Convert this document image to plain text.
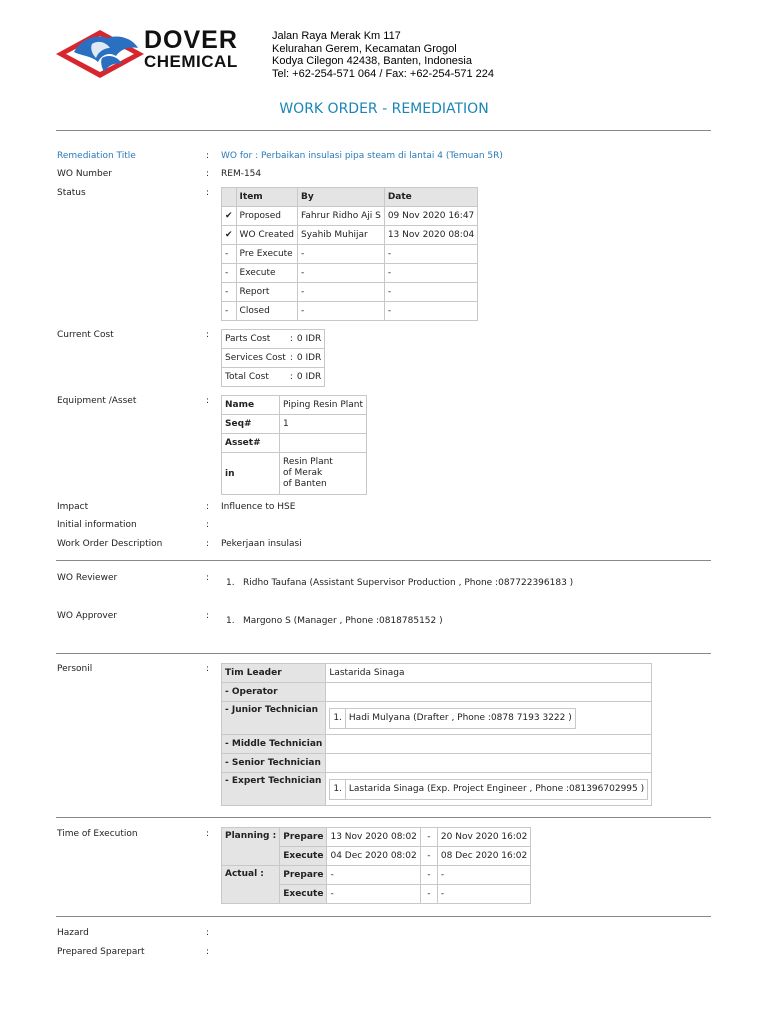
DOVER
CHEMICAL
Jalan Raya Merak Km 117
Kelurahan Gerem, Kecamatan Grogol
Kodya Cilegon 42438, Banten, Indonesia
Tel: +62-254-571 064 / Fax: +62-254-571 224
WORK ORDER - REMEDIATION
Remediation Title	: WO for : Perbaikan insulasi pipa steam di lantai 4 (Temuan 5R)
WO Number	: REM-154
Status	:
		Item	By	Date
✔	Proposed	Fahrur Ridho Aji S	09 Nov 2020 16:47
✔	WO Created	Syahib Muhijar	13 Nov 2020 08:04
-	Pre Execute	-	-
-	Execute	-	-
-	Report	-	-
-	Closed	-	-
Current Cost	: Parts Cost	:	0 IDR
Services Cost	:	0 IDR
Total Cost	:	0 IDR
Equipment /Asset	: Name	Piping Resin Plant
Seq#	1
Asset#	
in	Resin Plant
of Merak
of Banten
Impact	: Influence to HSE
Initial information	:
Work Order Description	: Pekerjaan insulasi
WO Reviewer	: 1. Ridho Taufana (Assistant Supervisor Production , Phone :087722396183 )
WO Approver	: 1. Margono S (Manager , Phone :0818785152 )
Personil	: Tim Leader	Lastarida Sinaga
- Operator	
- Junior Technician	
1.	Hadi Mulyana (Drafter , Phone :0878 7193 3222 )

- Middle Technician	
- Senior Technician	
- Expert Technician	
1.	Lastarida Sinaga (Exp. Project Engineer , Phone :081396702995 )
Time of Execution	: Planning :	Prepare	13 Nov 2020 08:02	-	20 Nov 2020 16:02
	Execute	04 Dec 2020 08:02	-	08 Dec 2020 16:02
Actual :	Prepare	-	-	-
	Execute	-	-	-
Hazard	:
Prepared Sparepart	:
